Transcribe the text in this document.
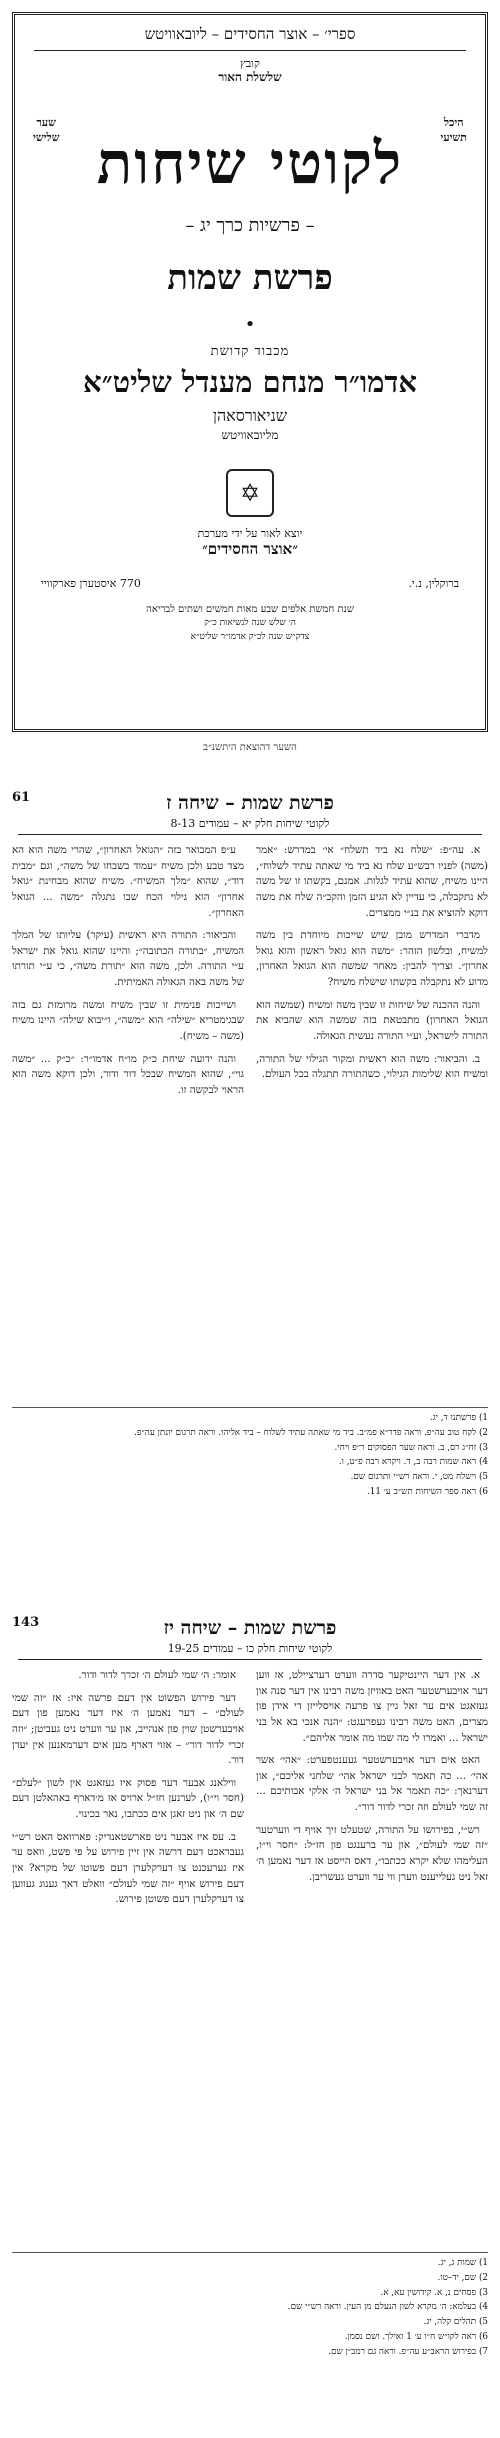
ספרי׳ – אוצר החסידים – ליובאוויטש
קובץ
שלשלת האור
היכל
תשיעי
שער
שלישי לקוטי שיחות
– פרשיות כרך יג –
פרשת שמות
•
מכבוד קדושת
אדמו״ר מנחם מענדל שליט״א
שניאורסאהן
מליובאוויטש
✡
יוצא לאור על ידי מערכת
״אוצר החסידים״
ברוקלין, נ.י.
770 איסטערן פארקוויי
שנת חמשת אלפים שבע מאות חמשים ושתים לבריאה
ה׳ שלש שנה לנשיאות כ״ק
צדק״ש שנה לכ״ק אדמו״ר שליט״א
השער דהוצאת היתשנ״ב
61	פרשת שמות – שיחה ז
לקוטי שיחות חלק יא – עמודים 8-13

א. עה״פ: ״שלח נא ביד תשלח״ אי׳ במדרש: ״אמר (משה) לפניו רבש״ע שלח נא ביד מי שאתה עתיד לשלוח״, היינו משיח, שהוא עתיד לגלות. אמנם, בקשתו זו של משה לא נתקבלה, כי עדיין לא הגיע הזמן והקב״ה שלח את משה דוקא להוציא את בנ״י ממצרים.

מדברי המדרש מובן שיש שייכות מיוחדת בין משה למשיח, ובלשון הזהר: ״משה הוא גואל ראשון והוא גואל אחרון״. וצריך להבין: מאחר שמשה הוא הגואל האחרון, מדוע לא נתקבלה בקשתו שישלח משיח?

והנה ההכנה של שיחות זו שבין משה ומשיח (שמשה הוא הגואל האחרון) מתבטאת בזה שמשה הוא שהביא את התורה לישראל, וע״י התורה נעשית הגאולה.

ב. והביאור: משה הוא ראשית ומקור הגילוי של התורה, ומשיח הוא שלימות הגילוי, כשהתורה תתגלה בכל העולם.

ע״פ המבואר בזה ״הגואל האחרון״, שהרי משה הוא הא מצד טבע ולכן משיח ״עמוד בשבחו של משה״, וגם ״מבית דוד״, שהוא ״מלך המשיח״. משיח שהוא מבחינת ״גואל אחרון״ הוא גילוי הכח שבו נתגלה ״משה ... הגואל האחרון״.

והביאור: התורה היא ראשית (עיקר) עליותו של המלך המשיח, ״בתורה הכתובה״; והיינו שהוא גואל את ישראל ע״י התורה. ולכן, משה הוא ״תורת משה״, כי ע״י תורתו של משה באה הגאולה האמיתית.

ושייכות פנימית זו שבין משיח ומשה מרומזת גם בזה שבגימטריא ״שילה״ הוא ״משה״, ו״יבוא שילה״ היינו משיח (משה – משיח).

והנה ידועה שיחת כ״ק מו״ח אדמו״ר: ״כ״ק ... ״משה גוי״, שהוא המשיח שבכל דור ודור, ולכן דוקא משה הוא הראוי לבקשה זו.

1) פרשתנו ד, יג.
2) לקח טוב עה״פ. וראה פדר״א פמ״ב. ביד מי שאתה עתיד לשלוח – ביד אליהו. וראה תרגום יונתן עה״פ.
3) זח״ג רס, ב. וראה שער הפסוקים ר״פ ויחי.
4) ראה שמות רבה ב, ד. ויקרא רבה פ״ט, ו.
5) וישלח מט, י. וראה רש״י ותרגום שם.
6) ראה ספר השיחות תש״ב ע׳ 11.
143	פרשת שמות – שיחה יז
לקוטי שיחות חלק כו – עמודים 19-25

א. אין דער היינטיקער סדרה ווערט דערציילט, אז ווען דער אויבערשטער האט באוויזן משה רבינו אין דער סנה און געזאגט אים ער זאל גיין צו פרעה אויסלייזן די אידן פון מצרים, האט משה רבינו געפרעגט: ״הנה אנכי בא אל בני ישראל ... ואמרו לי מה שמו מה אומר אליהם״.

האט אים דער אויבערשטער געענטפערט: ״אהי׳ אשר אהי׳ ... כה תאמר לבני ישראל אהי׳ שלחני אליכם״, און דערנאך: ״כה תאמר אל בני ישראל ה׳ אלקי אבותיכם ... זה שמי לעולם וזה זכרי לדור דור״.

רש״י, בפירושו על התורה, שטעלט זיך אויף די ווערטער ״זה שמי לעולם״, און ער ברענגט פון חז״ל: ״חסר וי״ו, העלימהו שלא יקרא ככתבו״, דאס הייסט אז דער נאמען ה׳ זאל ניט געלייענט ווערן ווי ער ווערט געשריבן.

אומר: ה׳ שמי לעולם ה׳ זכרך לדור ודור.

דער פירוש הפשוט אין דעם פרשה איז: אז ״זה שמי לעולם״ – דער נאמען ה׳ איז דער נאמען פון דעם אויבערשטן שוין פון אנהייב, און ער ווערט ניט געביטן; ״וזה זכרי לדור דור״ – אזוי דארף מען אים דערמאנען אין יעדן דור.

ווילאנג אבער דער פסוק איז געזאגט אין לשון ״לעלם״ (חסר וי״ו), לערנען חז״ל ארויס אז מ׳דארף באהאלטן דעם שם ה׳ און ניט זאגן אים ככתבו, נאר בכינוי.

ב. עס איז אבער ניט פארשטאנדיק: פארוואס האט רש״י געבראכט דעם דרשה אין זיין פירוש על פי פשט, וואס ער איז גערעכנט צו דערקלערן דעם פשוטו של מקרא? אין דעם פירוש אויף ״זה שמי לעולם״ וואלט דאך גענוג געווען צו דערקלערן דעם פשוטן פירוש.

1) שמות ג, יג.
2) שם, יד–טו.
3) פסחים נ, א. קידושין עא, א.
4) בעלמא: ה׳ מקרא לשון הנעלם מן העין. וראה רש״י שם.
5) תהלים קלה, יג.
6) ראה לקו״ש ח״ו ע׳ 1 ואילך. ושם נסמן.
7) בפירוש הראב״ע עה״פ. וראה גם רמב״ן שם.
